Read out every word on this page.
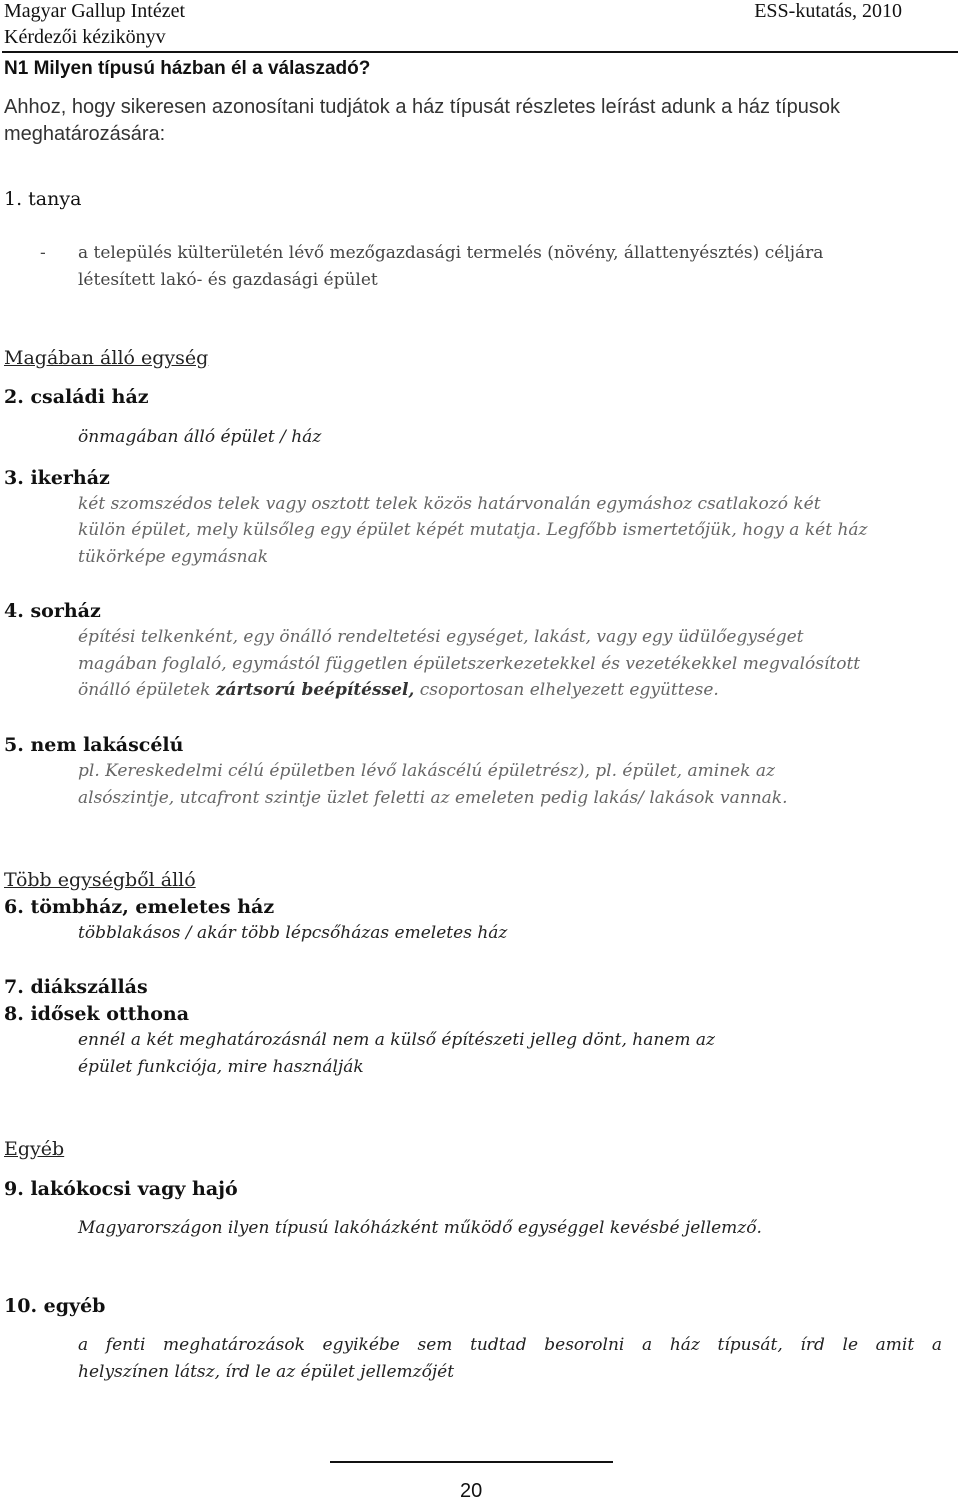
Magyar Gallup Intézet
Kérdezői kézikönyv
ESS-kutatás, 2010
N1 Milyen típusú házban él a válaszadó?
Ahhoz, hogy sikeresen azonosítani tudjátok a ház típusát részletes leírást adunk a ház típusok
meghatározására:
1. tanya
- a település külterületén lévő mezőgazdasági termelés (növény, állattenyésztés) céljára
létesített lakó- és gazdasági épület
Magában álló egység
2. családi ház
önmagában álló épület / ház
3. ikerház
két szomszédos telek vagy osztott telek közös határvonalán egymáshoz csatlakozó két
külön épület, mely külsőleg egy épület képét mutatja. Legfőbb ismertetőjük, hogy a két ház
tükörképe egymásnak
4. sorház
építési telkenként, egy önálló rendeltetési egységet, lakást, vagy egy üdülőegységet
magában foglaló, egymástól független épületszerkezetekkel és vezetékekkel megvalósított
önálló épületek zártsorú beépítéssel, csoportosan elhelyezett együttese.
5. nem lakáscélú
pl. Kereskedelmi célú épületben lévő lakáscélú épületrész), pl. épület, aminek az
alsószintje, utcafront szintje üzlet feletti az emeleten pedig lakás/ lakások vannak.
Több egységből álló
6. tömbház, emeletes ház
többlakásos / akár több lépcsőházas emeletes ház
7. diákszállás
8. idősek otthona
ennél a két meghatározásnál nem a külső építészeti jelleg dönt, hanem az
épület funkciója, mire használják
Egyéb
9. lakókocsi vagy hajó
Magyarországon ilyen típusú lakóházként működő egységgel kevésbé jellemző.
10. egyéb
a fenti meghatározások egyikébe sem tudtad besorolni a ház típusát, írd le amit a
helyszínen látsz, írd le az épület jellemzőjét
20
